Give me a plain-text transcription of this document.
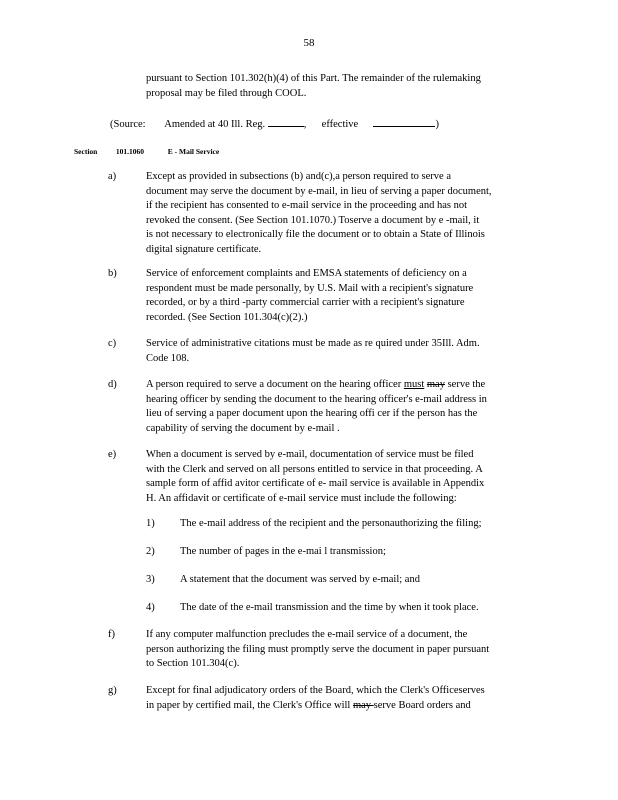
58
pursuant to Section 101.302(h)(4) of this Part. The remainder of the rulemaking
proposal may be filed through COOL.
(Source: Amended at 40 Ill. Reg.	, effective	)
Section 101.1060	E - Mail Service
a)	Except as provided in subsections (b) and(c),a person required to serve a
document may serve the document by e-mail, in lieu of serving a paper document,
if the recipient has consented to e-mail service in the proceeding and has not
revoked the consent. (See Section 101.1070.) Toserve a document by e -mail, it
is not necessary to electronically file the document or to obtain a State of Illinois
digital signature certificate.
b)	Service of enforcement complaints and EMSA statements of deficiency on a
respondent must be made personally, by U.S. Mail with a recipient's signature
recorded, or by a third -party commercial carrier with a recipient's signature
recorded. (See Section 101.304(c)(2).)
c)	Service of administrative citations must be made as re quired under 35Ill. Adm.
Code 108.
d)	A person required to serve a document on the hearing officer must may serve the
hearing officer by sending the document to the hearing officer's e-mail address in
lieu of serving a paper document upon the hearing offi cer if the person has the
capability of serving the document by e-mail .
e)	When a document is served by e-mail, documentation of service must be filed
with the Clerk and served on all persons entitled to service in that proceeding. A
sample form of affid avitor certificate of e- mail service is available in Appendix
H. An affidavit or certificate of e-mail service must include the following:
1) The e-mail address of the recipient and the personauthorizing the filing;
2) The number of pages in the e-mai l transmission;
3) A statement that the document was served by e-mail; and
4) The date of the e-mail transmission and the time by when it took place.
f)	If any computer malfunction precludes the e-mail service of a document, the
person authorizing the filing must promptly serve the document in paper pursuant
to Section 101.304(c).
g)	Except for final adjudicatory orders of the Board, which the Clerk's Officeserves
in paper by certified mail, the Clerk's Office will may serve Board orders and
